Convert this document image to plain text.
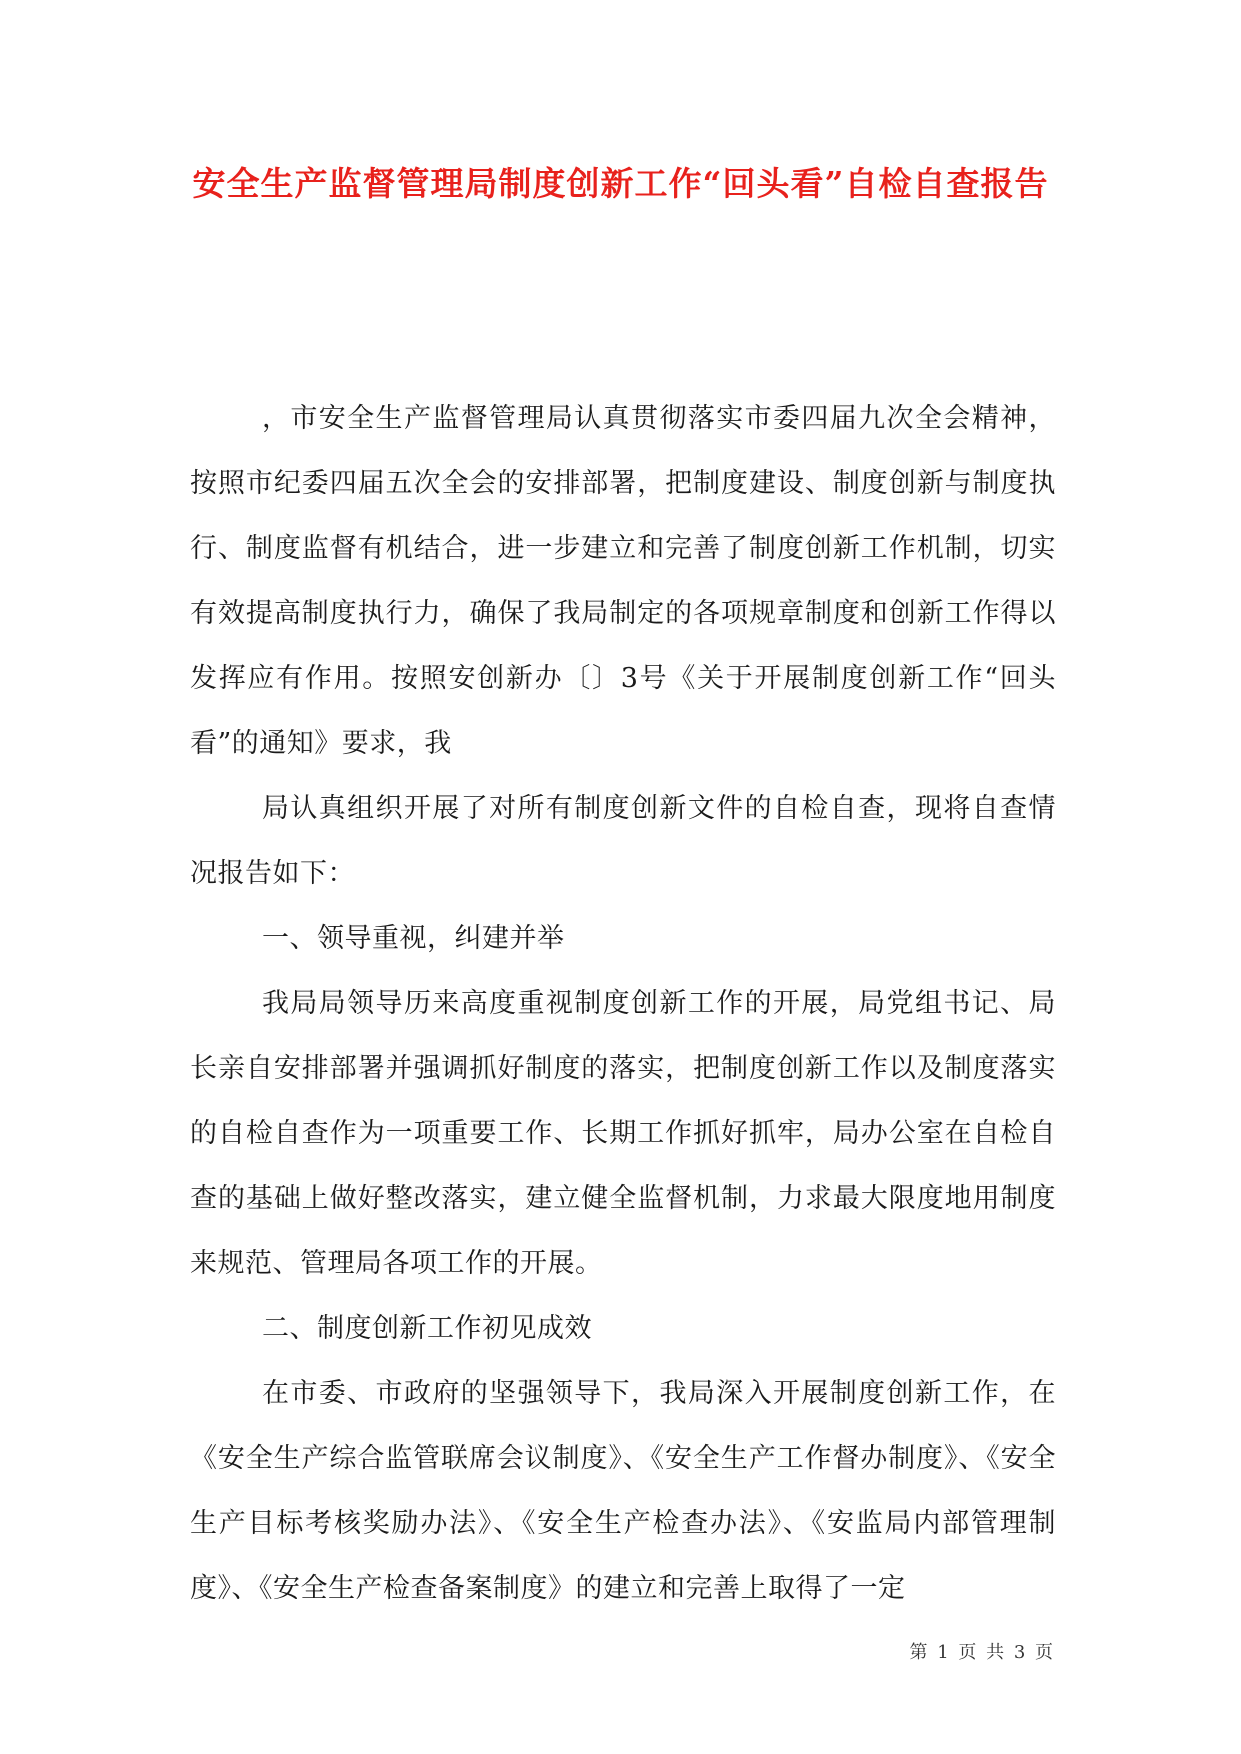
安全生产监督管理局制度创新工作“回头看”自检自查报告

，市安全生产监督管理局认真贯彻落实市委四届九次全会精神，按照市纪委四届五次全会的安排部署，把制度建设、制度创新与制度执行、制度监督有机结合，进一步建立和完善了制度创新工作机制，切实有效提高制度执行力，确保了我局制定的各项规章制度和创新工作得以发挥应有作用。按照安创新办〔〕3号《关于开展制度创新工作“回头看”的通知》要求，我

局认真组织开展了对所有制度创新文件的自检自查，现将自查情况报告如下：

一、领导重视，纠建并举

我局局领导历来高度重视制度创新工作的开展，局党组书记、局长亲自安排部署并强调抓好制度的落实，把制度创新工作以及制度落实的自检自查作为一项重要工作、长期工作抓好抓牢，局办公室在自检自查的基础上做好整改落实，建立健全监督机制，力求最大限度地用制度来规范、管理局各项工作的开展。

二、制度创新工作初见成效

在市委、市政府的坚强领导下，我局深入开展制度创新工作，在《安全生产综合监管联席会议制度》、《安全生产工作督办制度》、《安全生产目标考核奖励办法》、《安全生产检查办法》、《安监局内部管理制度》、《安全生产检查备案制度》的建立和完善上取得了一定

第 1 页 共 3 页
